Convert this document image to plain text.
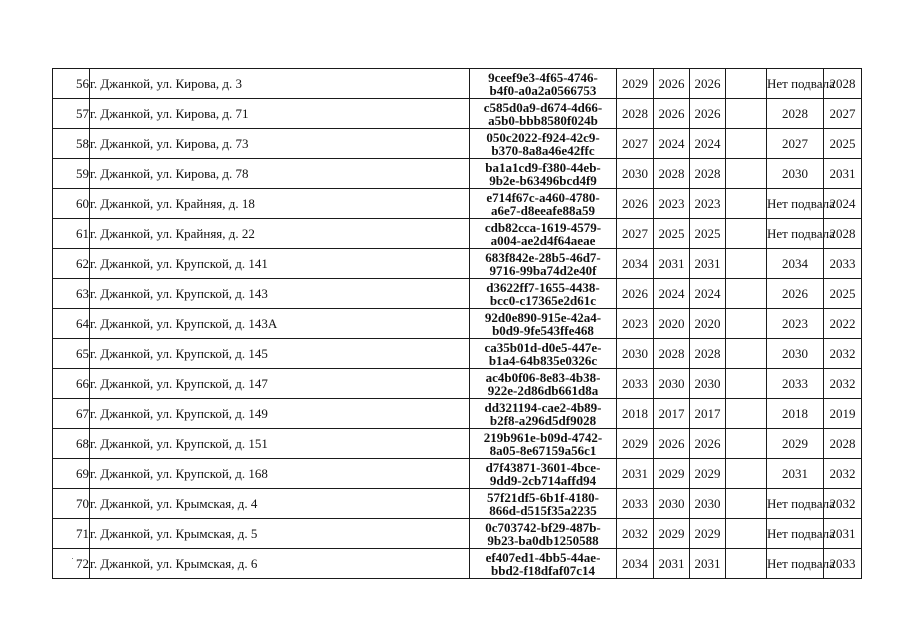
56	г. Джанкой, ул. Кирова, д. 3	9ceef9e3-4f65-4746-
b4f0-a0a2a0566753	2029	2026	2026		Нет подвала	2028
57	г. Джанкой, ул. Кирова, д. 71	c585d0a9-d674-4d66-
a5b0-bbb8580f024b	2028	2026	2026		2028	2027
58	г. Джанкой, ул. Кирова, д. 73	050c2022-f924-42c9-
b370-8a8a46e42ffc	2027	2024	2024		2027	2025
59	г. Джанкой, ул. Кирова, д. 78	ba1a1cd9-f380-44eb-
9b2e-b63496bcd4f9	2030	2028	2028		2030	2031
60	г. Джанкой, ул. Крайняя, д. 18	e714f67c-a460-4780-
a6e7-d8eeafe88a59	2026	2023	2023		Нет подвала	2024
61	г. Джанкой, ул. Крайняя, д. 22	cdb82cca-1619-4579-
a004-ae2d4f64aeae	2027	2025	2025		Нет подвала	2028
62	г. Джанкой, ул. Крупской, д. 141	683f842e-28b5-46d7-
9716-99ba74d2e40f	2034	2031	2031		2034	2033
63	г. Джанкой, ул. Крупской, д. 143	d3622ff7-1655-4438-
bcc0-c17365e2d61c	2026	2024	2024		2026	2025
64	г. Джанкой, ул. Крупской, д. 143А	92d0e890-915e-42a4-
b0d9-9fe543ffe468	2023	2020	2020		2023	2022
65	г. Джанкой, ул. Крупской, д. 145	ca35b01d-d0e5-447e-
b1a4-64b835e0326c	2030	2028	2028		2030	2032
66	г. Джанкой, ул. Крупской, д. 147	ac4b0f06-8e83-4b38-
922e-2d86db661d8a	2033	2030	2030		2033	2032
67	г. Джанкой, ул. Крупской, д. 149	dd321194-cae2-4b89-
b2f8-a296d5df9028	2018	2017	2017		2018	2019
68	г. Джанкой, ул. Крупской, д. 151	219b961e-b09d-4742-
8a05-8e67159a56c1	2029	2026	2026		2029	2028
69	г. Джанкой, ул. Крупской, д. 168	d7f43871-3601-4bce-
9dd9-2cb714affd94	2031	2029	2029		2031	2032
70	г. Джанкой, ул. Крымская, д. 4	57f21df5-6b1f-4180-
866d-d515f35a2235	2033	2030	2030		Нет подвала	2032
71	г. Джанкой, ул. Крымская, д. 5	0c703742-bf29-487b-
9b23-ba0db1250588	2032	2029	2029		Нет подвала	2031
72	г. Джанкой, ул. Крымская, д. 6	ef407ed1-4bb5-44ae-
bbd2-f18dfaf07c14	2034	2031	2031		Нет подвала	2033
